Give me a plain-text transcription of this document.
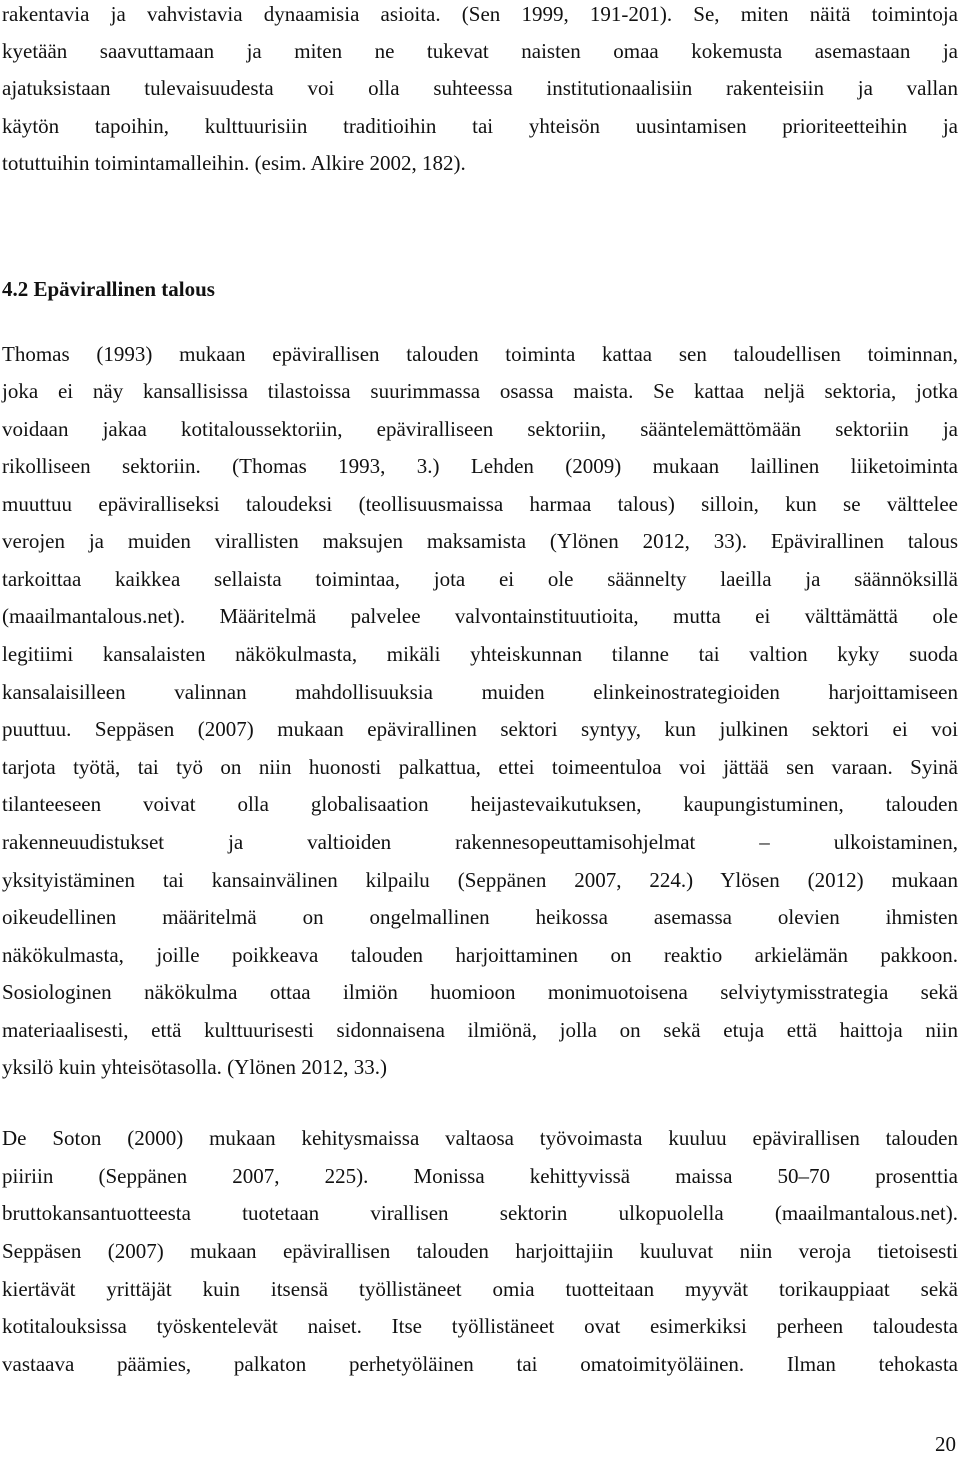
rakentavia ja vahvistavia dynaamisia asioita. (Sen 1999, 191-201). Se, miten näitä toimintoja
kyetään saavuttamaan ja miten ne tukevat naisten omaa kokemusta asemastaan ja
ajatuksistaan tulevaisuudesta voi olla suhteessa institutionaalisiin rakenteisiin ja vallan
käytön tapoihin, kulttuurisiin traditioihin tai yhteisön uusintamisen prioriteetteihin ja
totuttuihin toimintamalleihin. (esim. Alkire 2002, 182).
4.2 Epävirallinen talous
Thomas (1993) mukaan epävirallisen talouden toiminta kattaa sen taloudellisen toiminnan,
joka ei näy kansallisissa tilastoissa suurimmassa osassa maista. Se kattaa neljä sektoria, jotka
voidaan jakaa kotitaloussektoriin, epäviralliseen sektoriin, sääntelemättömään sektoriin ja
rikolliseen sektoriin. (Thomas 1993, 3.) Lehden (2009) mukaan laillinen liiketoiminta
muuttuu epäviralliseksi taloudeksi (teollisuusmaissa harmaa talous) silloin, kun se välttelee
verojen ja muiden virallisten maksujen maksamista (Ylönen 2012, 33). Epävirallinen talous
tarkoittaa kaikkea sellaista toimintaa, jota ei ole säännelty laeilla ja säännöksillä
(maailmantalous.net). Määritelmä palvelee valvontainstituutioita, mutta ei välttämättä ole
legitiimi kansalaisten näkökulmasta, mikäli yhteiskunnan tilanne tai valtion kyky suoda
kansalaisilleen valinnan mahdollisuuksia muiden elinkeinostrategioiden harjoittamiseen
puuttuu. Seppäsen (2007) mukaan epävirallinen sektori syntyy, kun julkinen sektori ei voi
tarjota työtä, tai työ on niin huonosti palkattua, ettei toimeentuloa voi jättää sen varaan. Syinä
tilanteeseen voivat olla globalisaation heijastevaikutuksen, kaupungistuminen, talouden
rakenneuudistukset ja valtioiden rakennesopeuttamisohjelmat – ulkoistaminen,
yksityistäminen tai kansainvälinen kilpailu (Seppänen 2007, 224.) Ylösen (2012) mukaan
oikeudellinen määritelmä on ongelmallinen heikossa asemassa olevien ihmisten
näkökulmasta, joille poikkeava talouden harjoittaminen on reaktio arkielämän pakkoon.
Sosiologinen näkökulma ottaa ilmiön huomioon monimuotoisena selviytymisstrategia sekä
materiaalisesti, että kulttuurisesti sidonnaisena ilmiönä, jolla on sekä etuja että haittoja niin
yksilö kuin yhteisötasolla. (Ylönen 2012, 33.)
De Soton (2000) mukaan kehitysmaissa valtaosa työvoimasta kuuluu epävirallisen talouden
piiriin (Seppänen 2007, 225). Monissa kehittyvissä maissa 50–70 prosenttia
bruttokansantuotteesta tuotetaan virallisen sektorin ulkopuolella (maailmantalous.net).
Seppäsen (2007) mukaan epävirallisen talouden harjoittajiin kuuluvat niin veroja tietoisesti
kiertävät yrittäjät kuin itsensä työllistäneet omia tuotteitaan myyvät torikauppiaat sekä
kotitalouksissa työskentelevät naiset. Itse työllistäneet ovat esimerkiksi perheen taloudesta
vastaava päämies, palkaton perhetyöläinen tai omatoimityöläinen. Ilman tehokasta
20
